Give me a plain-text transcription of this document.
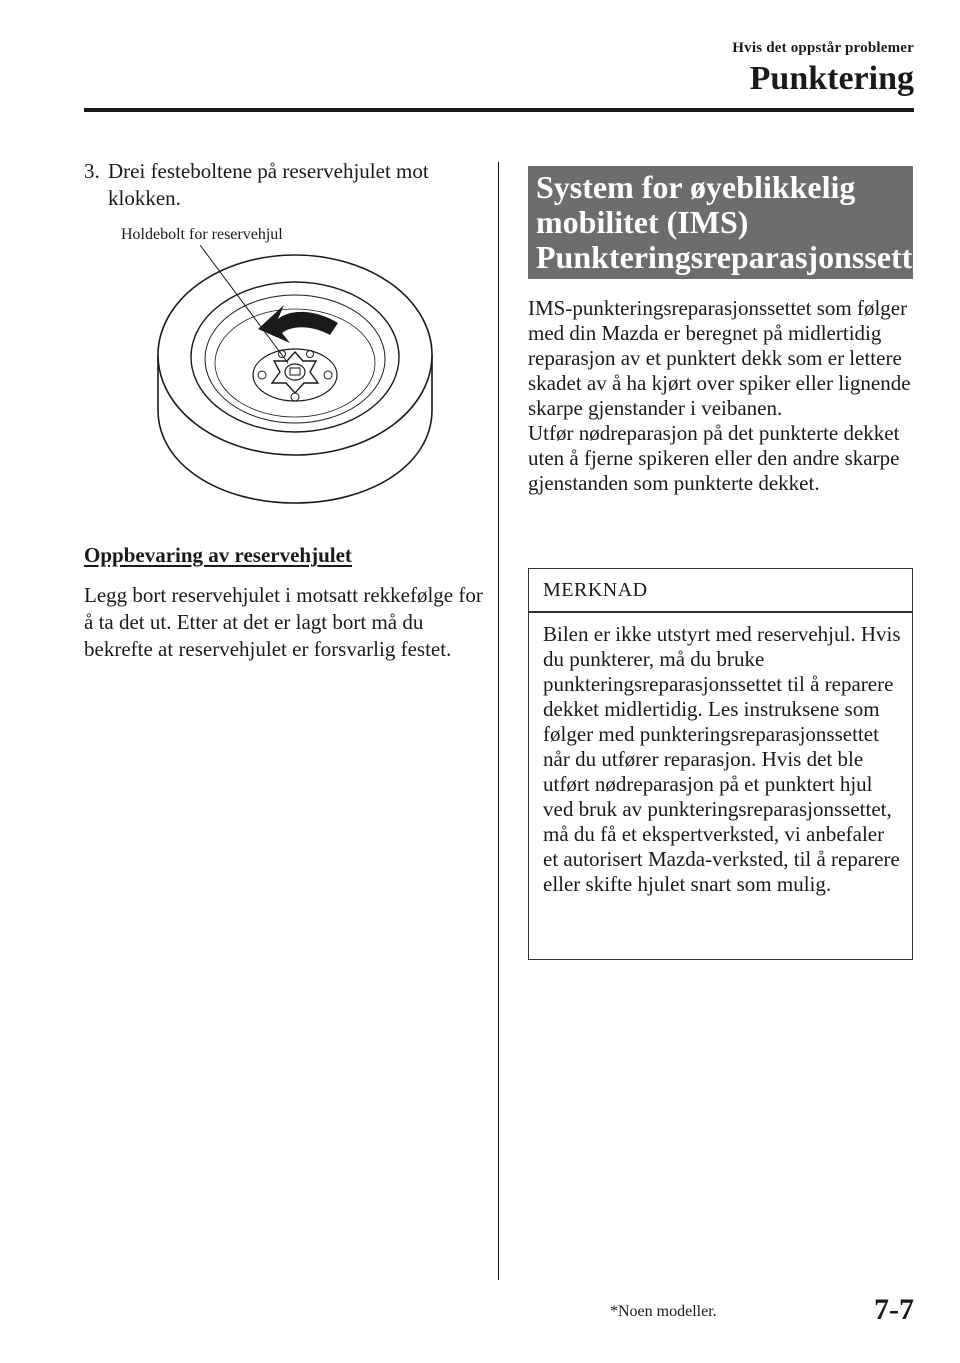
Hvis det oppstår problemer
Punktering
3. Drei festeboltene på reservehjulet mot klokken.
Holdebolt for reservehjul
Oppbevaring av reservehjulet
Legg bort reservehjulet i motsatt rekkefølge for å ta det ut. Etter at det er lagt bort må du bekrefte at reservehjulet er forsvarlig festet.
System for øyeblikkelig
mobilitet (IMS)
Punkteringsreparasjonssett*

IMS-punkteringsreparasjonssettet som følger med din Mazda er beregnet på midlertidig reparasjon av et punktert dekk som er lettere skadet av å ha kjørt over spiker eller lignende skarpe gjenstander i veibanen.

Utfør nødreparasjon på det punkterte dekket uten å fjerne spikeren eller den andre skarpe gjenstanden som punkterte dekket.

MERKNAD
Bilen er ikke utstyrt med reservehjul. Hvis du punkterer, må du bruke punkteringsreparasjonssettet til å reparere dekket midlertidig. Les instruksene som følger med punkteringsreparasjonssettet når du utfører reparasjon. Hvis det ble utført nødreparasjon på et punktert hjul ved bruk av punkteringsreparasjonssettet, må du få et ekspertverksted, vi anbefaler et autorisert Mazda-verksted, til å reparere eller skifte hjulet snart som mulig.
*Noen modeller.	7-7
